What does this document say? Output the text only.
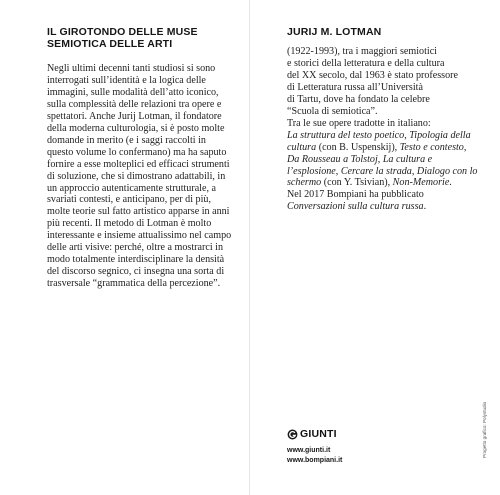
IL GIROTONDO DELLE MUSE
SEMIOTICA DELLE ARTI

Negli ultimi decenni tanti studiosi si sono interrogati sull’identità e la logica delle immagini, sulle modalità dell’atto iconico, sulla complessità delle relazioni tra opere e spettatori. Anche Jurij Lotman, il fondatore della moderna culturologia, si è posto molte domande in merito (e i saggi raccolti in questo volume lo confermano) ma ha saputo fornire a esse molteplici ed efficaci strumenti di soluzione, che si dimostrano adattabili, in un approccio autenticamente strutturale, a svariati contesti, e anticipano, per di più, molte teorie sul fatto artistico apparse in anni più recenti. Il metodo di Lotman è molto interessante e insieme attualissimo nel campo delle arti visive: perché, oltre a mostrarci in modo totalmente interdisciplinare la densità del discorso segnico, ci insegna una sorta di trasversale “grammatica della percezione”.

JURIJ M. LOTMAN

(1922-1993), tra i maggiori semiotici

e storici della letteratura e della cultura

del XX secolo, dal 1963 è stato professore

di Letteratura russa all’Università

di Tartu, dove ha fondato la celebre

“Scuola di semiotica”.

Tra le sue opere tradotte in italiano:
La struttura del testo poetico, Tipologia della cultura (con B. Uspenskij), Testo e contesto, Da Rousseau a Tolstoj, La cultura e l’esplosione, Cercare la strada, Dialogo con lo schermo (con Y. Tsivian), Non-Memorie.

Nel 2017 Bompiani ha pubblicato
Conversazioni sulla cultura russa.

GIUNTI
www.giunti.it
www.bompiani.it
Progetto grafico: Polystudio
